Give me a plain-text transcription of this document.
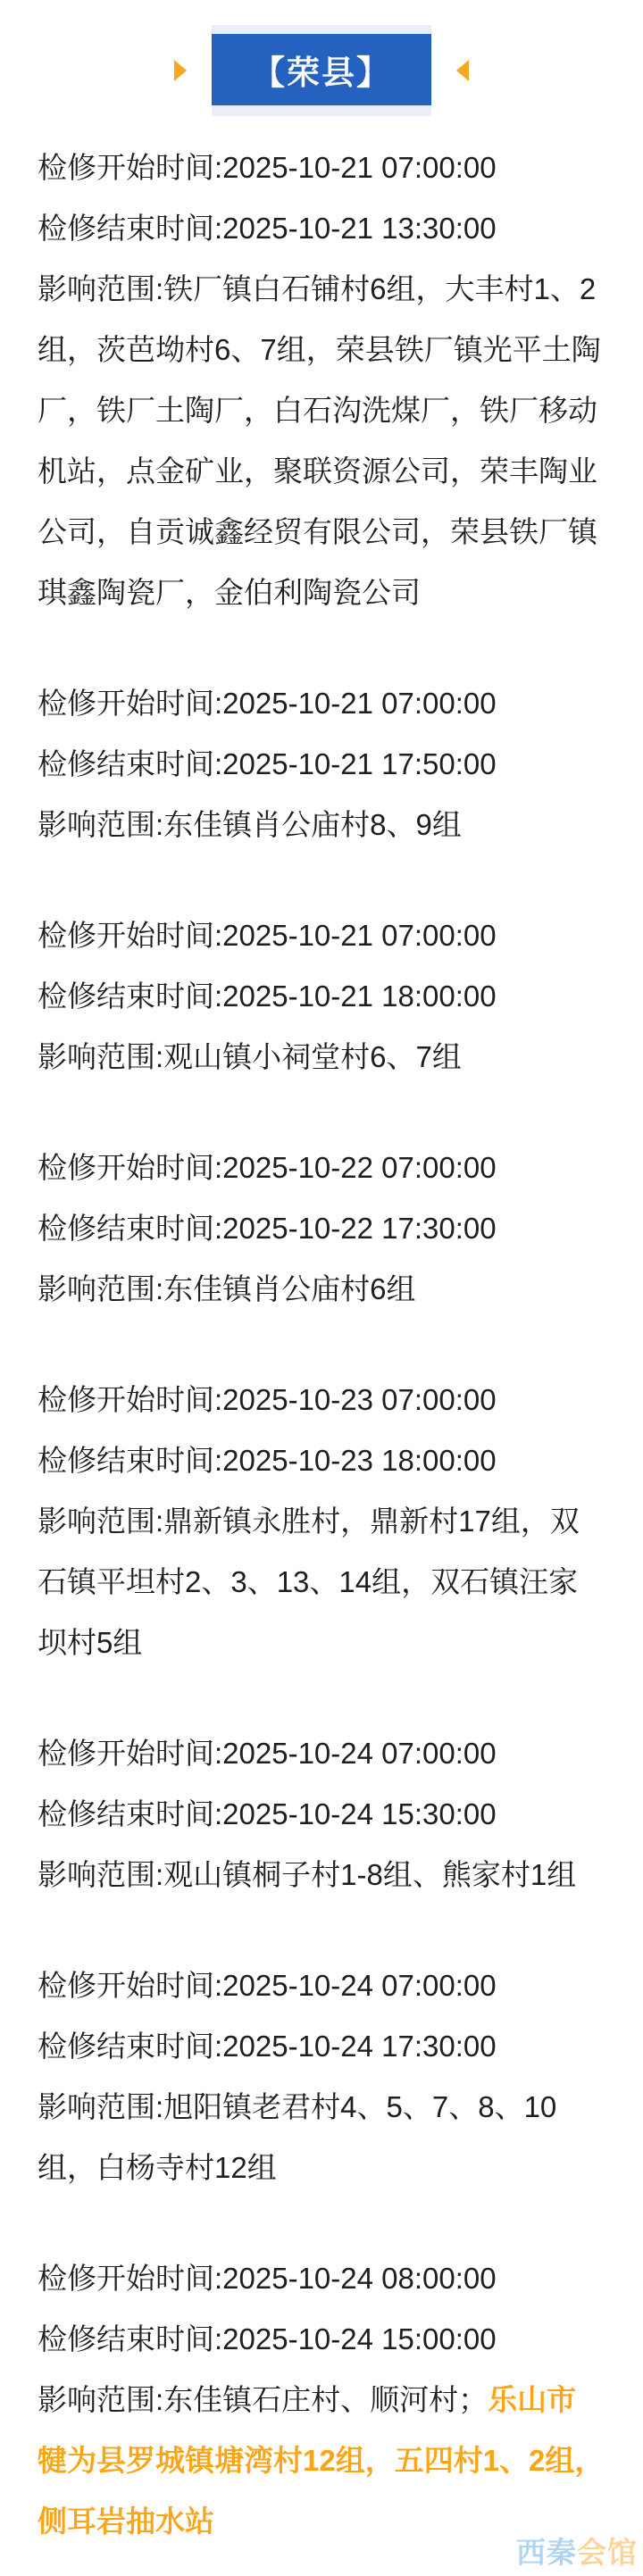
【荣县】

检修开始时间:2025-10-21 07:00:00

检修结束时间:2025-10-21 13:30:00

影响范围:铁厂镇白石铺村6组，大丰村1、2组，茨芭坳村6、7组，荣县铁厂镇光平土陶厂，铁厂土陶厂，白石沟洗煤厂，铁厂移动机站，点金矿业，聚联资源公司，荣丰陶业公司，自贡诚鑫经贸有限公司，荣县铁厂镇琪鑫陶瓷厂，金伯利陶瓷公司

检修开始时间:2025-10-21 07:00:00

检修结束时间:2025-10-21 17:50:00

影响范围:东佳镇肖公庙村8、9组

检修开始时间:2025-10-21 07:00:00

检修结束时间:2025-10-21 18:00:00

影响范围:观山镇小祠堂村6、7组

检修开始时间:2025-10-22 07:00:00

检修结束时间:2025-10-22 17:30:00

影响范围:东佳镇肖公庙村6组

检修开始时间:2025-10-23 07:00:00

检修结束时间:2025-10-23 18:00:00

影响范围:鼎新镇永胜村，鼎新村17组，双石镇平坦村2、3、13、14组，双石镇汪家坝村5组

检修开始时间:2025-10-24 07:00:00

检修结束时间:2025-10-24 15:30:00

影响范围:观山镇桐子村1-8组、熊家村1组

检修开始时间:2025-10-24 07:00:00

检修结束时间:2025-10-24 17:30:00

影响范围:旭阳镇老君村4、5、7、8、10组，白杨寺村12组

检修开始时间:2025-10-24 08:00:00

检修结束时间:2025-10-24 15:00:00

影响范围:东佳镇石庄村、顺河村；乐山市犍为县罗城镇塘湾村12组，五四村1、2组，侧耳岩抽水站

西秦会馆
